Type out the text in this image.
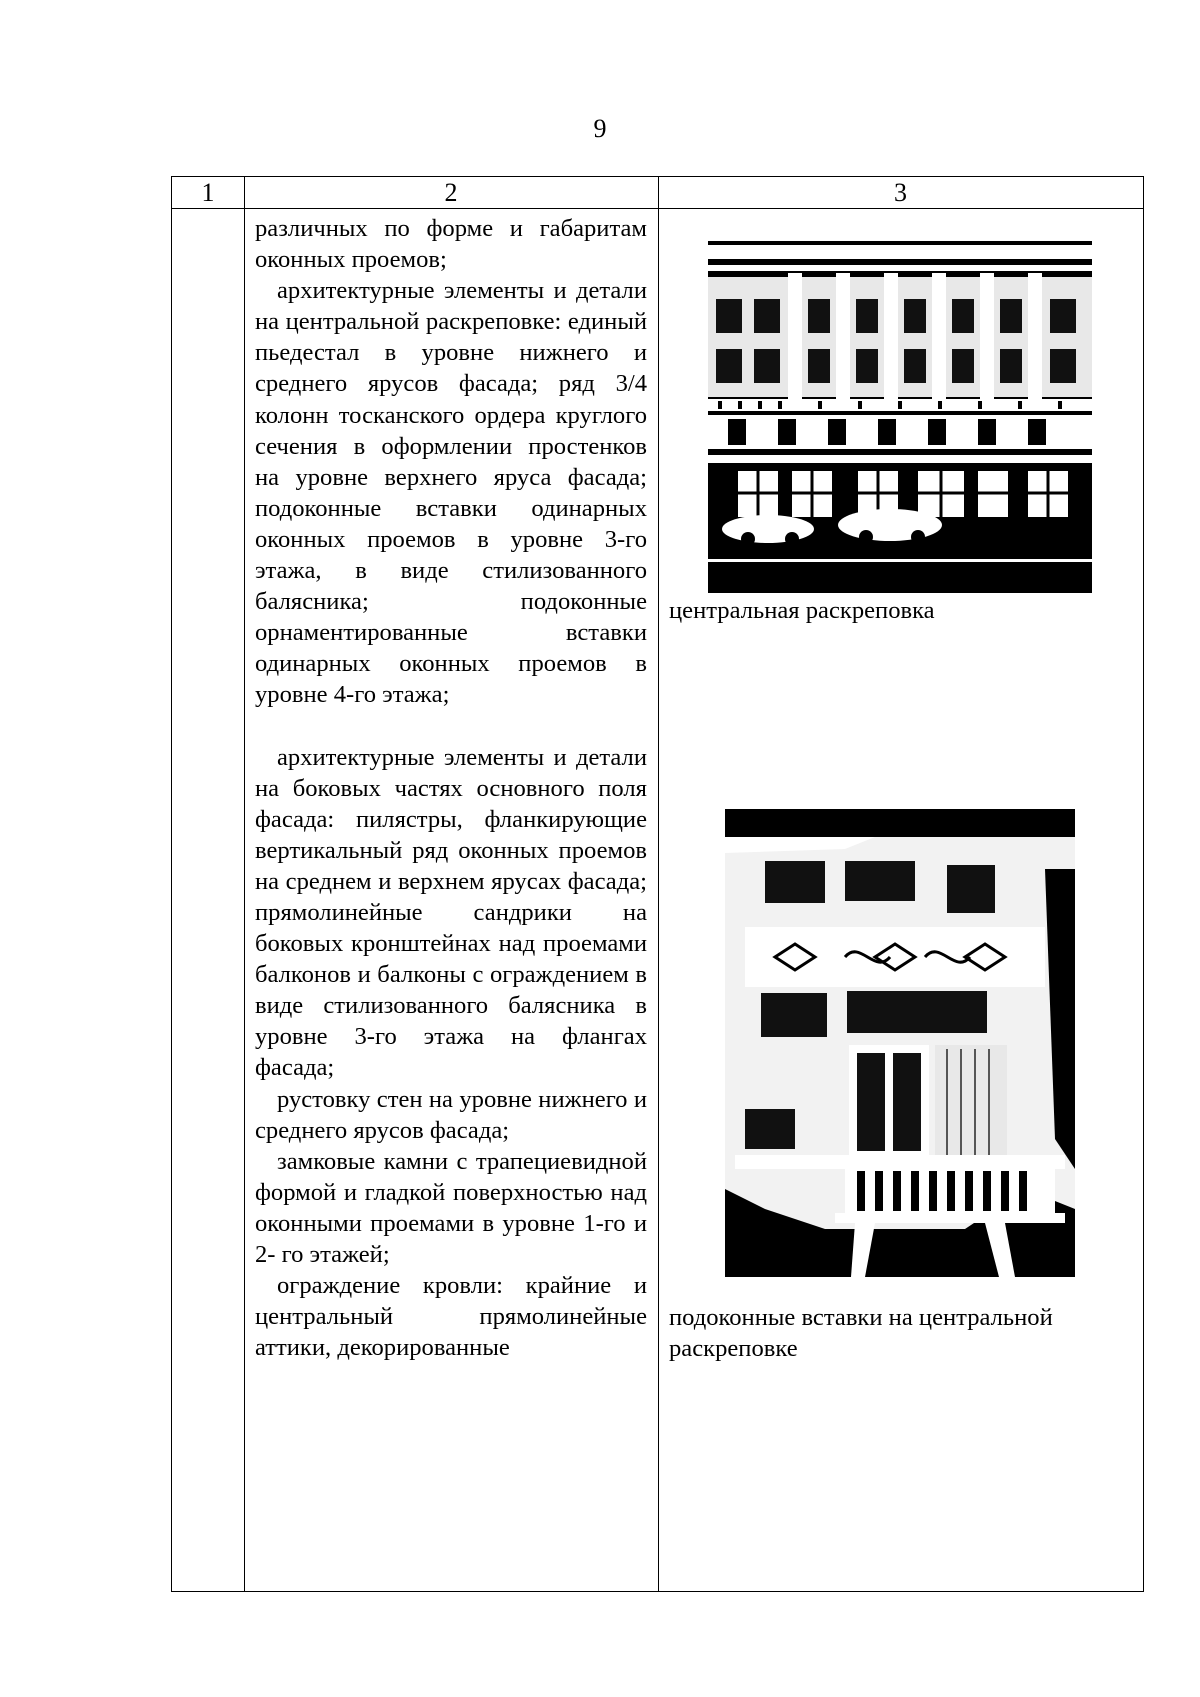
9
1	2	3

различных по форме и габаритам оконных проемов;

архитектурные элементы и детали на центральной раскреповке: единый пьедестал в уровне нижнего и среднего ярусов фасада; ряд 3/4 колонн тосканского ордера круглого сечения в оформлении простенков на уровне верхнего яруса фасада; подоконные вставки одинарных оконных проемов в уровне 3-го этажа, в виде стилизованного балясника; подоконные орнаментированные вставки одинарных оконных проемов в уровне 4-го этажа;

архитектурные элементы и детали на боковых частях основного поля фасада: пилястры, фланкирующие вертикальный ряд оконных проемов на среднем и верхнем ярусах фасада; прямолинейные сандрики на боковых кронштейнах над проемами балконов и балконы с ограждением в виде стилизованного балясника в уровне 3-го этажа на флангах фасада;

рустовку стен на уровне нижнего и среднего ярусов фасада;

замковые камни с трапециевидной формой и гладкой поверхностью над оконными проемами в уровне 1-го и 2- го этажей;

ограждение кровли: крайние и центральный прямолинейные аттики, декорированные

центральная раскреповка
подоконные вставки на центральной раскреповке
